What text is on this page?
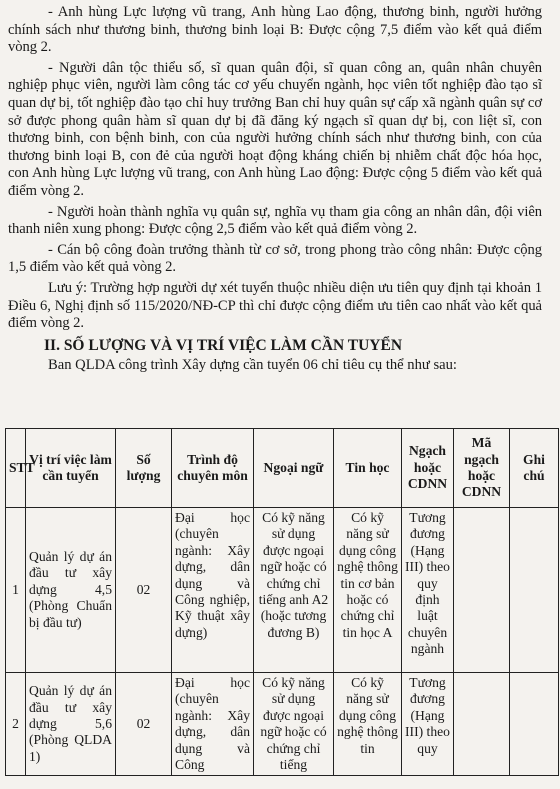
- Anh hùng Lực lượng vũ trang, Anh hùng Lao động, thương binh, người hưởng chính sách như thương binh, thương binh loại B: Được cộng 7,5 điểm vào kết quả điểm vòng 2.

- Người dân tộc thiểu số, sĩ quan quân đội, sĩ quan công an, quân nhân chuyên nghiệp phục viên, người làm công tác cơ yếu chuyển ngành, học viên tốt nghiệp đào tạo sĩ quan dự bị, tốt nghiệp đào tạo chỉ huy trưởng Ban chỉ huy quân sự cấp xã ngành quân sự cơ sở được phong quân hàm sĩ quan dự bị đã đăng ký ngạch sĩ quan dự bị, con liệt sĩ, con thương binh, con bệnh binh, con của người hưởng chính sách như thương binh, con của thương binh loại B, con đẻ của người hoạt động kháng chiến bị nhiễm chất độc hóa học, con Anh hùng Lực lượng vũ trang, con Anh hùng Lao động: Được cộng 5 điểm vào kết quả điểm vòng 2.

- Người hoàn thành nghĩa vụ quân sự, nghĩa vụ tham gia công an nhân dân, đội viên thanh niên xung phong: Được cộng 2,5 điểm vào kết quả điểm vòng 2.

- Cán bộ công đoàn trưởng thành từ cơ sở, trong phong trào công nhân: Được cộng 1,5 điểm vào kết quả vòng 2.

Lưu ý: Trường hợp người dự xét tuyển thuộc nhiều diện ưu tiên quy định tại khoản 1 Điều 6, Nghị định số 115/2020/NĐ-CP thì chỉ được cộng điểm ưu tiên cao nhất vào kết quả điểm vòng 2.

II. SỐ LƯỢNG VÀ VỊ TRÍ VIỆC LÀM CẦN TUYỂN

Ban QLDA công trình Xây dựng cần tuyển 06 chỉ tiêu cụ thể như sau:

STT	Vị trí việc làm cần tuyển	Số lượng	Trình độ chuyên môn	Ngoại ngữ	Tin học	Ngạch hoặc CDNN	Mã ngạch hoặc CDNN	Ghi chú
1	Quản lý dự án đầu tư xây dựng 4,5 (Phòng Chuẩn bị đầu tư)	02	Đại học (chuyên ngành: Xây dựng, dân dụng và Công nghiệp, Kỹ thuật xây dựng)	Có kỹ năng sử dụng được ngoại ngữ hoặc có chứng chỉ tiếng anh A2 (hoặc tương đương B)	Có kỹ năng sử dụng công nghệ thông tin cơ bản hoặc có chứng chỉ tin học A	Tương đương (Hạng III) theo quy định luật chuyên ngành		
2	Quản lý dự án đầu tư xây dựng 5,6 (Phòng QLDA 1)	02	Đại học (chuyên ngành: Xây dựng, dân dụng và Công	Có kỹ năng sử dụng được ngoại ngữ hoặc có chứng chỉ tiếng	Có kỹ năng sử dụng công nghệ thông tin	Tương đương (Hạng III) theo quy		
